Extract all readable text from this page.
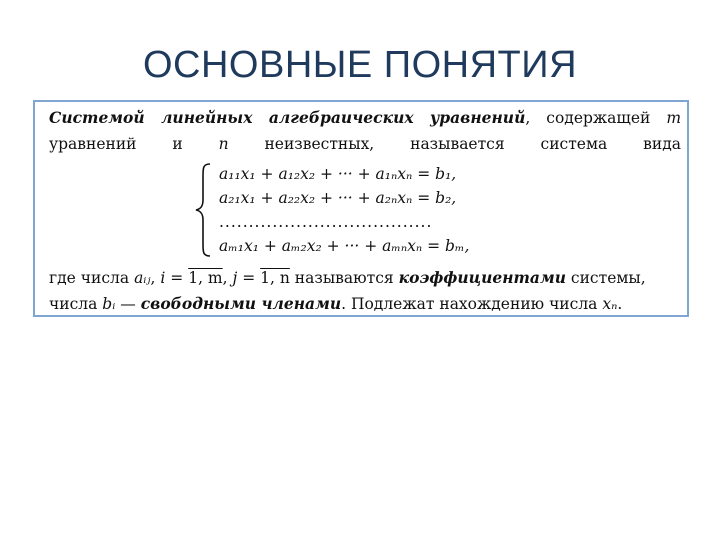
ОСНОВНЫЕ ПОНЯТИЯ
Системой линейных алгебраических уравнений, содержащей m
уравнений и n неизвестных, называется система вида
a₁₁x₁ + a₁₂x₂ + ··· + a₁ₙxₙ = b₁,
a₂₁x₁ + a₂₂x₂ + ··· + a₂ₙxₙ = b₂,
....................................
aₘ₁x₁ + aₘ₂x₂ + ··· + aₘₙxₙ = bₘ,
где числа aᵢⱼ, i = 1, m, j = 1, n называются коэффициентами системы,
числа bᵢ — свободными членами. Подлежат нахождению числа xₙ.
